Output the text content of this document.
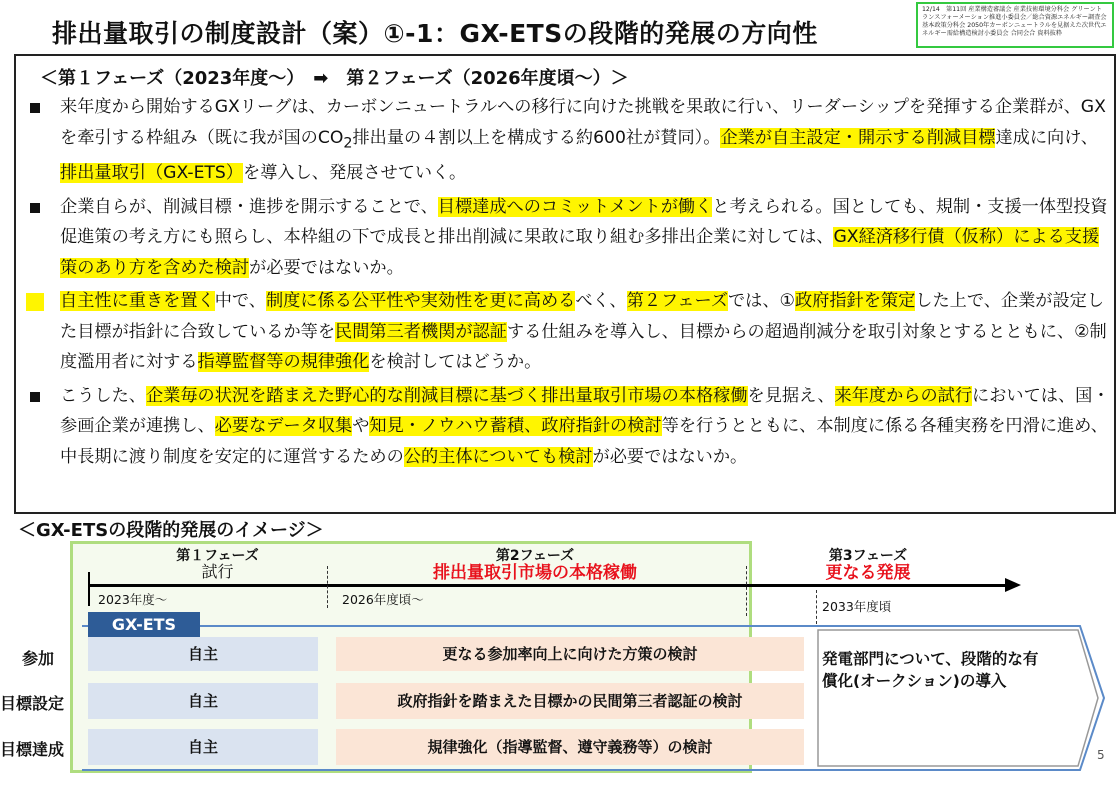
排出量取引の制度設計（案）①-1：GX-ETSの段階的発展の方向性
12/14　第11回 産業構造審議会 産業技術環境分科会 グリーントランスフォーメーション推進小委員会／総合資源エネルギー調査会 基本政策分科会 2050年カーボンニュートラルを見据えた次世代エネルギー需給構造検討小委員会 合同会合 資料抜粋
＜第１フェーズ（2023年度～）　➡　第２フェーズ（2026年度頃～）＞
来年度から開始するGXリーグは、カーボンニュートラルへの移行に向けた挑戦を果敢に行い、リーダーシップを発揮する企業群が、GXを牽引する枠組み（既に我が国の$CO_2$排出量の４割以上を構成する約600社が賛同）。企業が自主設定・開示する削減目標達成に向け、排出量取引（GX-ETS）を導入し、発展させていく。
企業自らが、削減目標・進捗を開示することで、目標達成へのコミットメントが働くと考えられる。国としても、規制・支援一体型投資促進策の考え方にも照らし、本枠組の下で成長と排出削減に果敢に取り組む多排出企業に対しては、GX経済移行債（仮称）による支援策のあり方を含めた検討が必要ではないか。
自主性に重きを置く中で、制度に係る公平性や実効性を更に高めるべく、第２フェーズでは、①政府指針を策定した上で、企業が設定した目標が指針に合致しているか等を民間第三者機関が認証する仕組みを導入し、目標からの超過削減分を取引対象とするとともに、②制度濫用者に対する指導監督等の規律強化を検討してはどうか。
こうした、企業毎の状況を踏まえた野心的な削減目標に基づく排出量取引市場の本格稼働を見据え、来年度からの試行においては、国・参画企業が連携し、必要なデータ収集や知見・ノウハウ蓄積、政府指針の検討等を行うとともに、本制度に係る各種実務を円滑に進め、中長期に渡り制度を安定的に運営するための公的主体についても検討が必要ではないか。
＜GX-ETSの段階的発展のイメージ＞
第１フェーズ
試行
第2フェーズ
排出量取引市場の本格稼働
第3フェーズ
更なる発展
2023年度～	2026年度頃～	2033年度頃
GX-ETS
参加
目標設定
目標達成
自主
自主
自主
更なる参加率向上に向けた方策の検討
政府指針を踏まえた目標かの民間第三者認証の検討
規律強化（指導監督、遵守義務等）の検討
発電部門について、段階的な有償化(オークション)の導入
5
